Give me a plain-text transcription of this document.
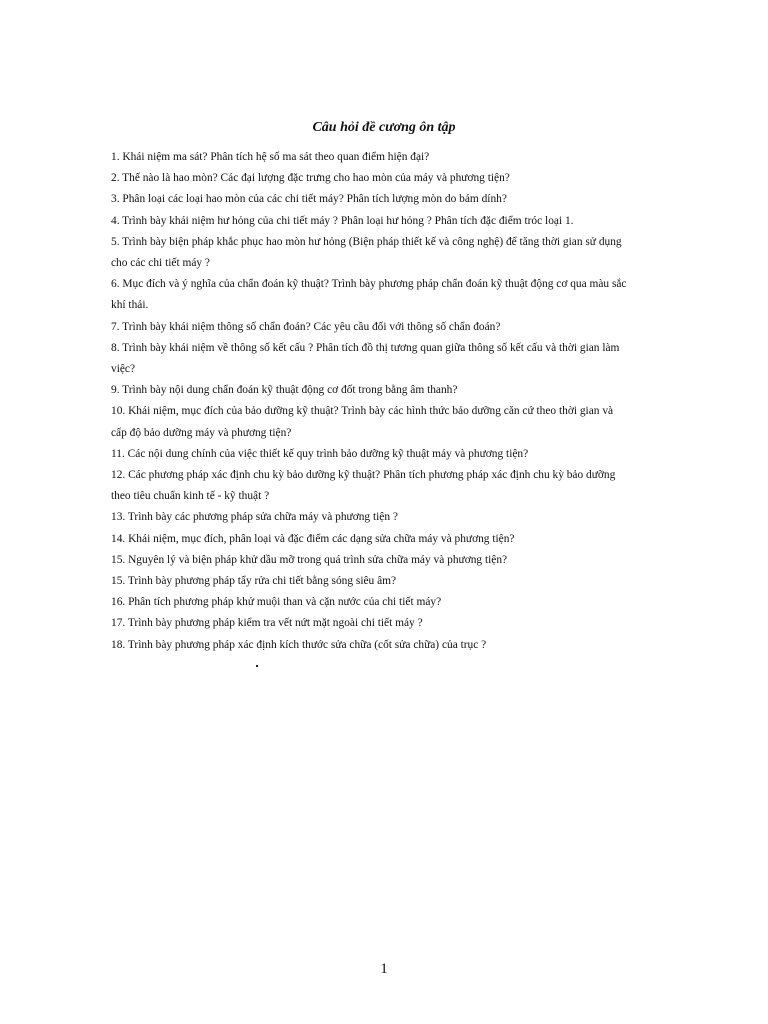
Câu hỏi đề cương ôn tập
1. Khái niệm ma sát? Phân tích hệ số ma sát theo quan điểm hiện đại?
2. Thế nào là hao mòn? Các đại lượng đặc trưng cho hao mòn của máy và phương tiện?
3. Phân loại các loại hao mòn của các chi tiết máy? Phân tích lượng mòn do bám dính?
4. Trình bày khái niệm hư hỏng của chi tiết máy ? Phân loại hư hỏng ? Phân tích đặc điểm tróc loại 1.
5. Trình bày biện pháp khắc phục hao mòn hư hỏng (Biện pháp thiết kế và công nghệ) để tăng thời gian sử dụng cho các chi tiết máy ?
6. Mục đích và ý nghĩa của chẩn đoán kỹ thuật? Trình bày phương pháp chẩn đoán kỹ thuật động cơ qua màu sắc khí thải.
7. Trình bày khái niệm thông số chẩn đoán? Các yêu cầu đối với thông số chẩn đoán?
8. Trình bày khái niệm về thông số kết cấu ? Phân tích đồ thị tương quan giữa thông số kết cấu và thời gian làm việc?
9. Trình bày nội dung chẩn đoán kỹ thuật động cơ đốt trong bằng âm thanh?
10. Khái niệm, mục đích của bảo dưỡng kỹ thuật? Trình bày các hình thức bảo dưỡng căn cứ theo thời gian và cấp độ bảo dưỡng máy và phương tiện?
11. Các nội dung chính của việc thiết kế quy trình bảo dưỡng kỹ thuật máy và phương tiện?
12. Các phương pháp xác định chu kỳ bảo dưỡng kỹ thuật? Phân tích phương pháp xác định chu kỳ bảo dưỡng theo tiêu chuẩn kinh tế - kỹ thuật ?
13. Trình bày các phương pháp sửa chữa máy và phương tiện ?
14. Khái niệm, mục đích, phân loại và đặc điểm các dạng sửa chữa máy và phương tiện?
15. Nguyên lý và biện pháp khử dầu mỡ trong quá trình sửa chữa máy và phương tiện?
15. Trình bày phương pháp tẩy rửa chi tiết bằng sóng siêu âm?
16. Phân tích phương pháp khử muội than và cặn nước của chi tiết máy?
17. Trình bày phương pháp kiểm tra vết nứt mặt ngoài chi tiết máy ?
18. Trình bày phương pháp xác định kích thước sửa chữa (cốt sửa chữa) của trục ?
1
